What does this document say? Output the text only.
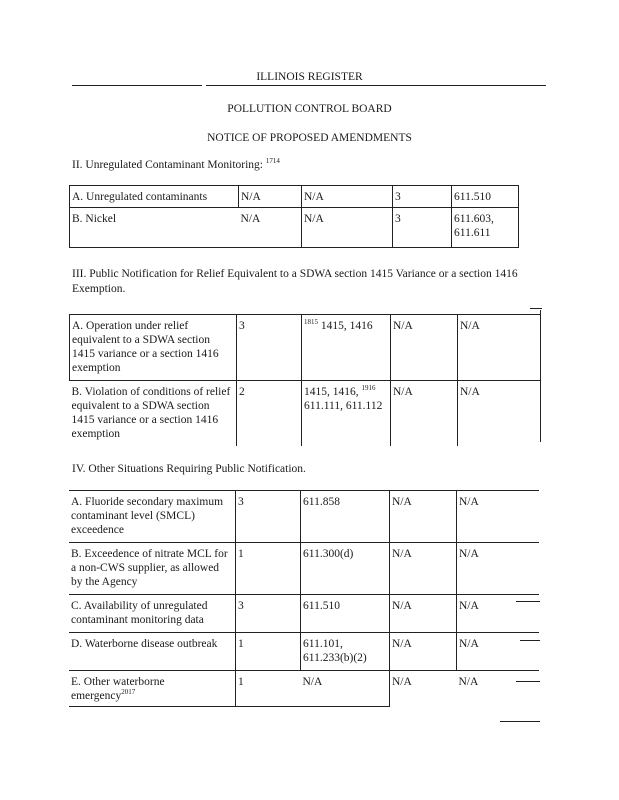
ILLINOIS REGISTER
POLLUTION CONTROL BOARD
NOTICE OF PROPOSED AMENDMENTS
II. Unregulated Contaminant Monitoring: $^{1714}$
A. Unregulated contaminants	N/A	N/A	3	611.510
B. Nickel	N/A	N/A	3	611.603, 611.611
III. Public Notification for Relief Equivalent to a SDWA section 1415 Variance or a section 1416 Exemption.
A. Operation under relief equivalent to a SDWA section 1415 variance or a section 1416 exemption	3	$^{1815}$ 1415, 1416	N/A	N/A
B. Violation of conditions of relief equivalent to a SDWA section 1415 variance or a section 1416 exemption	2	1415, 1416, $^{1916}$
611.111, 611.112	N/A	N/A
IV. Other Situations Requiring Public Notification.
A. Fluoride secondary maximum contaminant level (SMCL) exceedence	3	611.858	N/A	N/A
B. Exceedence of nitrate MCL for a non-CWS supplier, as allowed by the Agency	1	611.300(d)	N/A	N/A
C. Availability of unregulated contaminant monitoring data	3	611.510	N/A	N/A
D. Waterborne disease outbreak	1	611.101, 611.233(b)(2)	N/A	N/A
E. Other waterborne emergency$^{2017}$	1	N/A	N/A	N/A
